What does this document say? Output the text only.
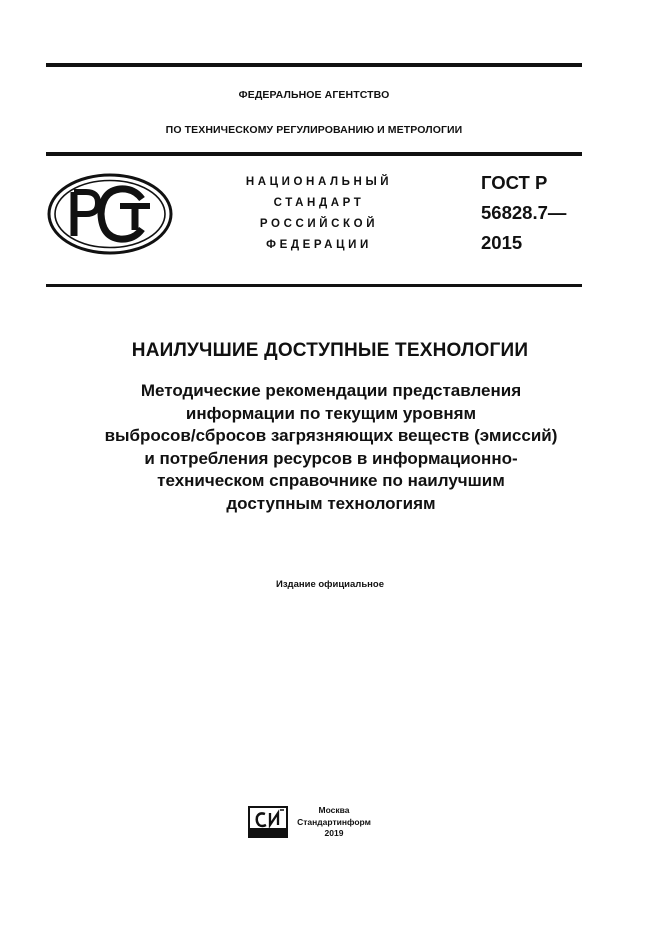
ФЕДЕРАЛЬНОЕ АГЕНТСТВО
ПО ТЕХНИЧЕСКОМУ РЕГУЛИРОВАНИЮ И МЕТРОЛОГИИ
НАЦИОНАЛЬНЫЙ
СТАНДАРТ
РОССИЙСКОЙ
ФЕДЕРАЦИИ
ГОСТ Р
56828.7—
2015
НАИЛУЧШИЕ ДОСТУПНЫЕ ТЕХНОЛОГИИ
Методические рекомендации представления
информации по текущим уровням
выбросов/сбросов загрязняющих веществ (эмиссий)
и потребления ресурсов в информационно-
техническом справочнике по наилучшим
доступным технологиям
Издание официальное
Москва
Стандартинформ
2019
